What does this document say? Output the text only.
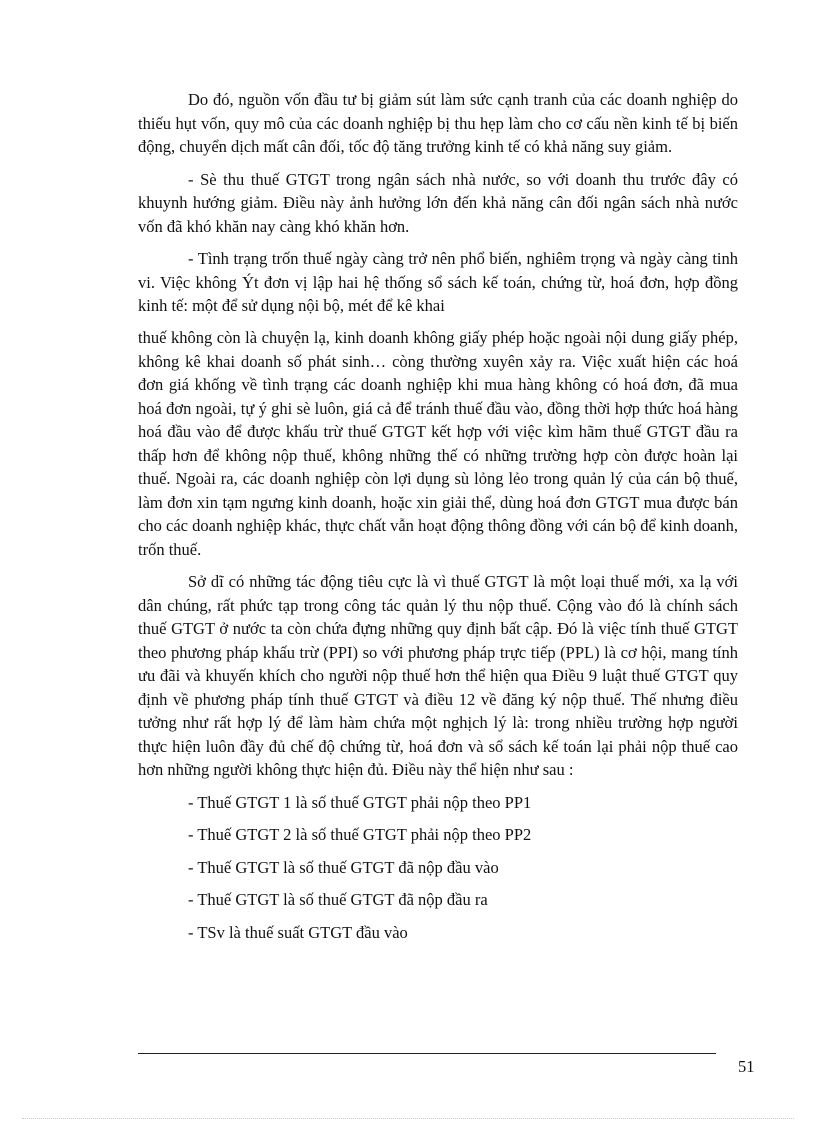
Do đó, nguồn vốn đầu tư bị giảm sút làm sức cạnh tranh của các doanh nghiệp do thiếu hụt vốn, quy mô của các doanh nghiệp bị thu hẹp làm cho cơ cấu nền kinh tế bị biến động, chuyển dịch mất cân đối, tốc độ tăng trưởng kinh tế có khả năng suy giảm.

- Sè thu thuế GTGT trong ngân sách nhà nước, so với doanh thu trước đây có khuynh hướng giảm. Điều này ảnh hưởng lớn đến khả năng cân đối ngân sách nhà nước vốn đã khó khăn nay càng khó khăn hơn.

- Tình trạng trốn thuế ngày càng trở nên phổ biến, nghiêm trọng và ngày càng tinh vi. Việc không Ýt đơn vị lập hai hệ thống sổ sách kế toán, chứng từ, hoá đơn, hợp đồng kinh tế: một để sử dụng nội bộ, mét để kê khai

thuế không còn là chuyện lạ, kinh doanh không giấy phép hoặc ngoài nội dung giấy phép, không kê khai doanh số phát sinh… còng thường xuyên xảy ra. Việc xuất hiện các hoá đơn giá khống về tình trạng các doanh nghiệp khi mua hàng không có hoá đơn, đã mua hoá đơn ngoài, tự ý ghi sè luôn, giá cả để tránh thuế đầu vào, đồng thời hợp thức hoá hàng hoá đầu vào để được khấu trừ thuế GTGT kết hợp với việc kìm hãm thuế GTGT đầu ra thấp hơn để không nộp thuế, không những thế có những trường hợp còn được hoàn lại thuế. Ngoài ra, các doanh nghiệp còn lợi dụng sù lỏng lẻo trong quản lý của cán bộ thuế, làm đơn xin tạm ngưng kinh doanh, hoặc xin giải thể, dùng hoá đơn GTGT mua được bán cho các doanh nghiệp khác, thực chất vẫn hoạt động thông đồng với cán bộ để kinh doanh, trốn thuế.

Sở dĩ có những tác động tiêu cực là vì thuế GTGT là một loại thuế mới, xa lạ với dân chúng, rất phức tạp trong công tác quản lý thu nộp thuế. Cộng vào đó là chính sách thuế GTGT ở nước ta còn chứa đựng những quy định bất cập. Đó là việc tính thuế GTGT theo phương pháp khấu trừ (PPI) so với phương pháp trực tiếp (PPL) là cơ hội, mang tính ưu đãi và khuyến khích cho người nộp thuế hơn thể hiện qua Điều 9 luật thuế GTGT quy định về phương pháp tính thuế GTGT và điều 12 về đăng ký nộp thuế. Thế nhưng điều tưởng như rất hợp lý để làm hàm chứa một nghịch lý là: trong nhiều trường hợp người thực hiện luôn đầy đủ chế độ chứng từ, hoá đơn và sổ sách kế toán lại phải nộp thuế cao hơn những người không thực hiện đủ. Điều này thể hiện như sau :

- Thuế GTGT 1 là số thuế GTGT phải nộp theo PP1

- Thuế GTGT 2 là số thuế GTGT phải nộp theo PP2

- Thuế GTGT là số thuế GTGT đã nộp đầu vào

- Thuế GTGT là số thuế GTGT đã nộp đầu ra

- TSv là thuế suất GTGT đầu vào

51
